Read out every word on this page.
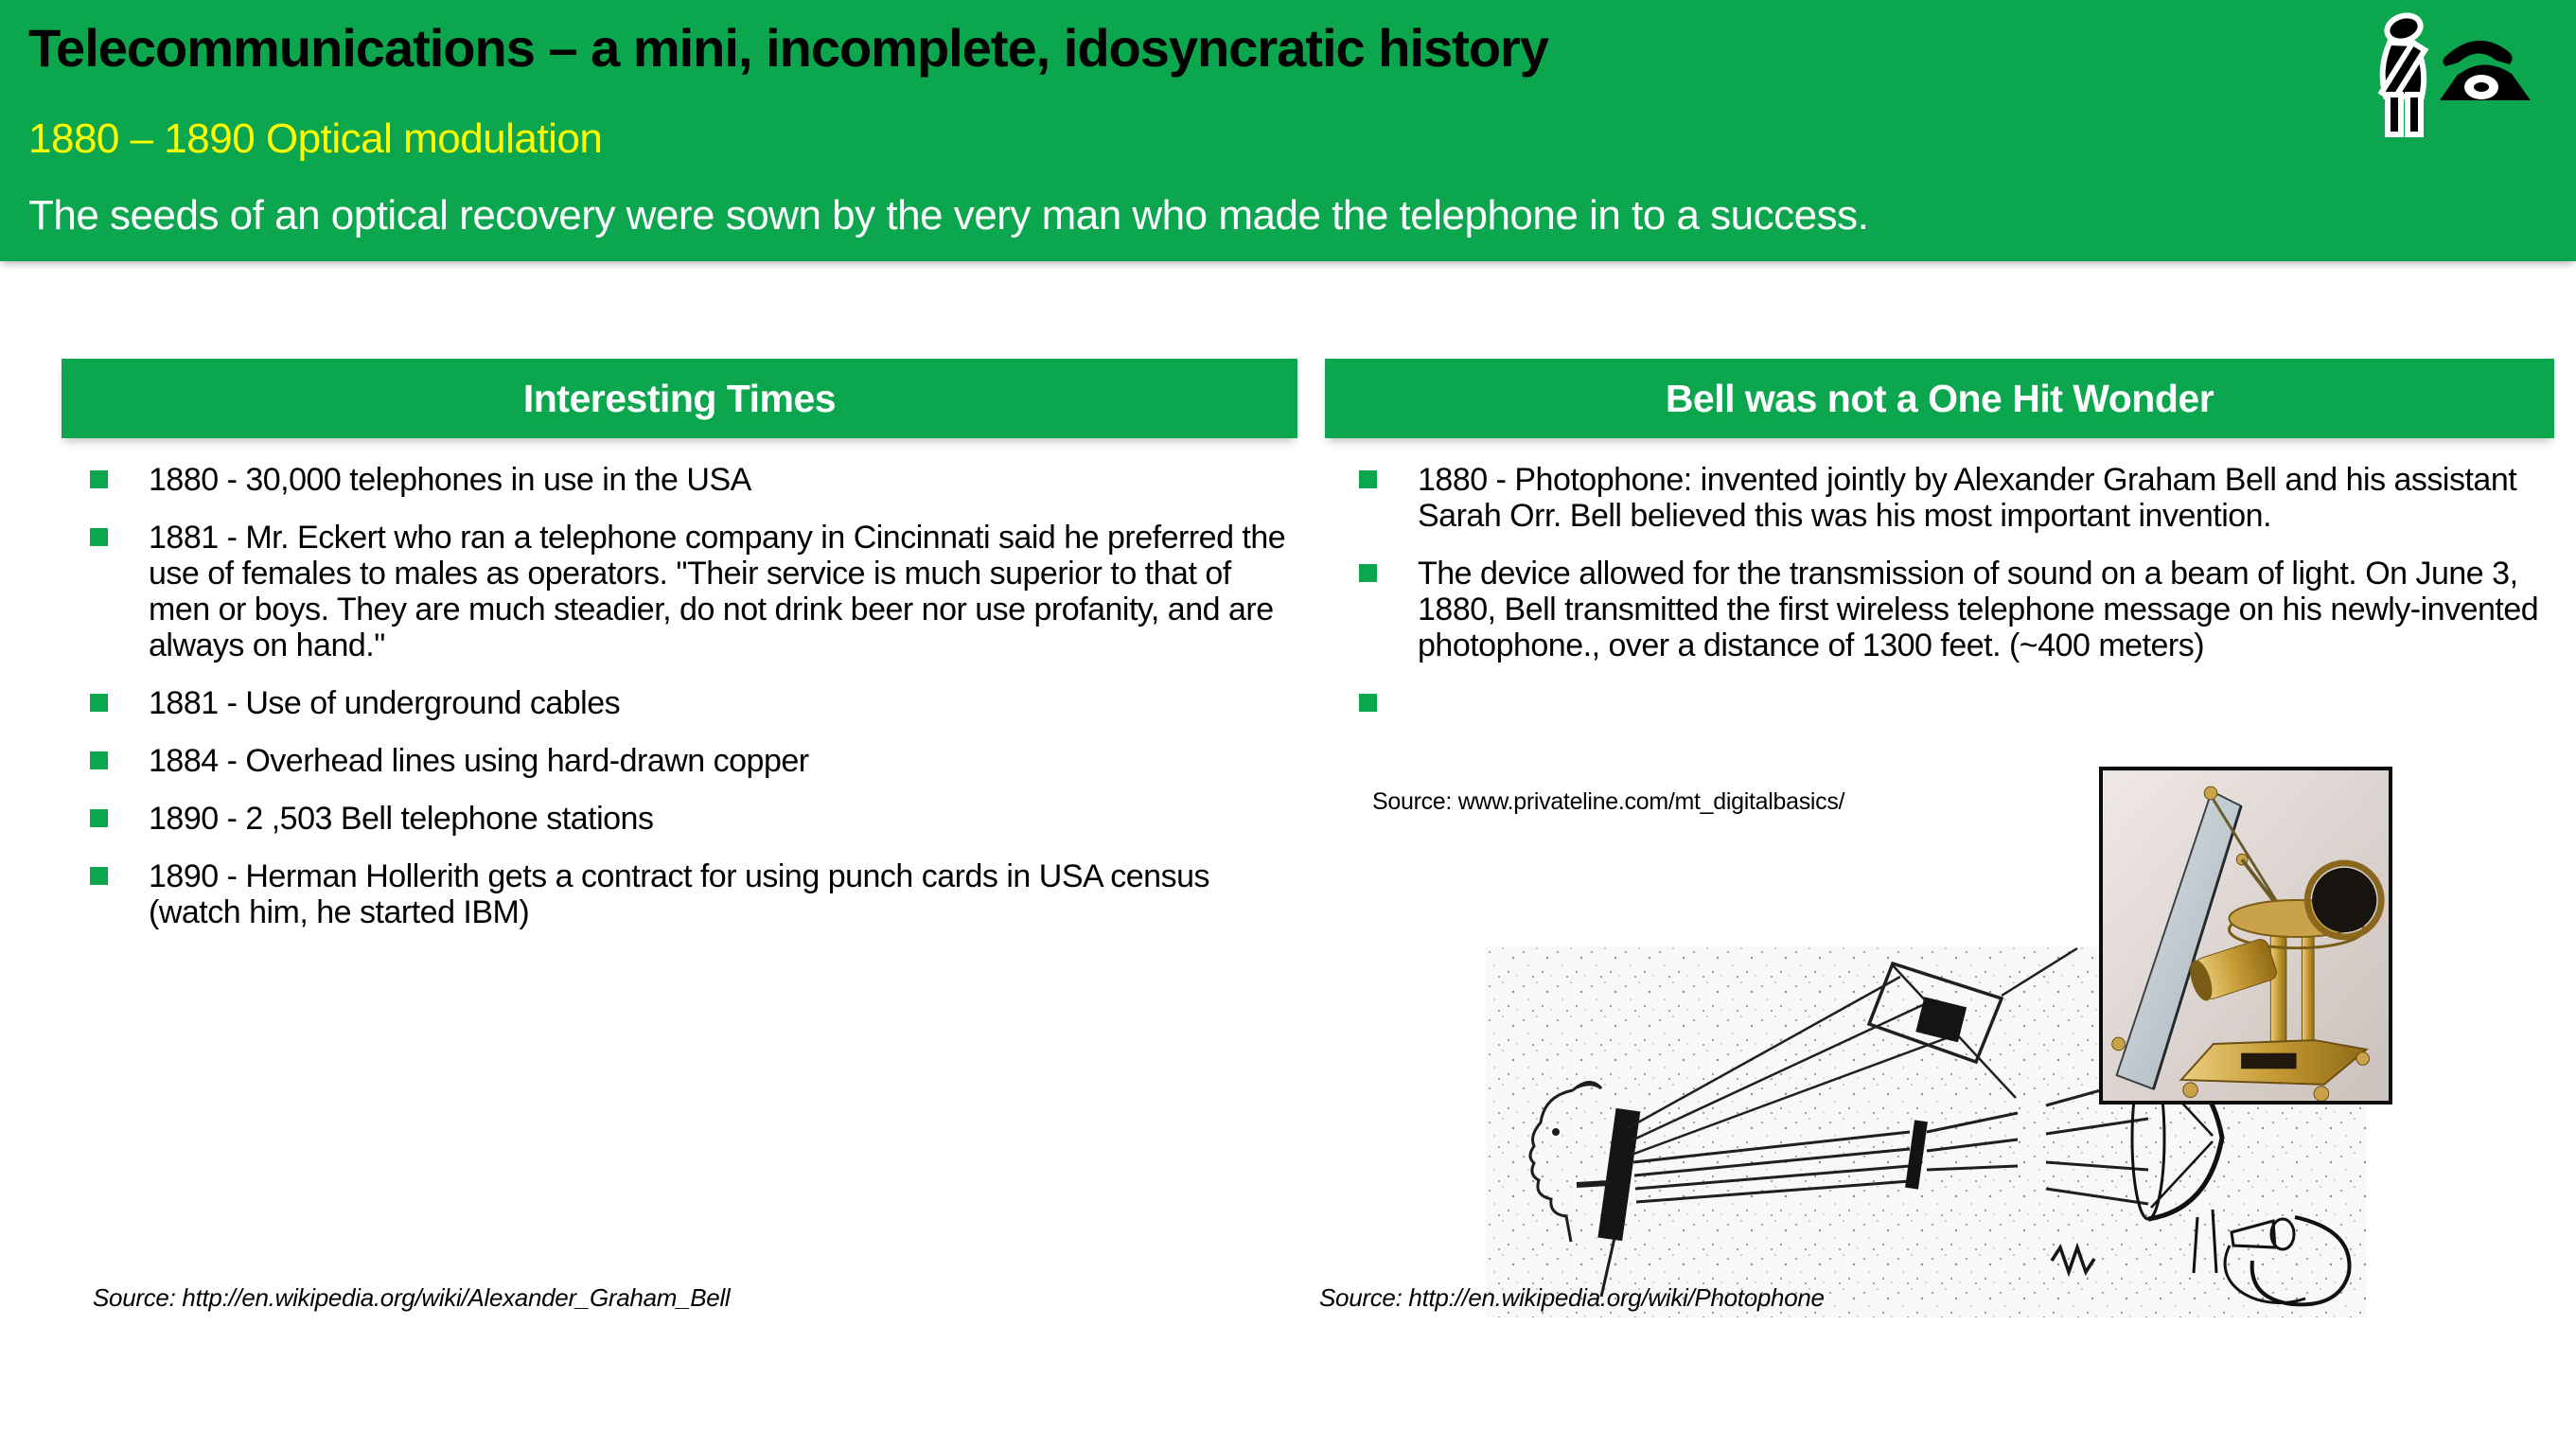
Telecommunications – a mini, incomplete, idosyncratic history
1880 – 1890 Optical modulation
The seeds of an optical recovery were sown by the very man who made the telephone in to a success.
Interesting Times
1880 - 30,000 telephones in use in the USA
1881 - Mr. Eckert who ran a telephone company in Cincinnati said he preferred the use of females to males as operators. "Their service is much superior to that of men or boys. They are much steadier, do not drink beer nor use profanity, and are always on hand."
1881 - Use of underground cables
1884 - Overhead lines using hard-drawn copper
1890 - 2 ,503 Bell telephone stations
1890 - Herman Hollerith gets a contract for using punch cards in USA census (watch him, he started IBM)
Source: http://en.wikipedia.org/wiki/Alexander_Graham_Bell
Bell was not a One Hit Wonder
1880 - Photophone: invented jointly by Alexander Graham Bell and his assistant Sarah Orr. Bell believed this was his most important invention.
The device allowed for the transmission of sound on a beam of light. On June 3, 1880, Bell transmitted the first wireless telephone message on his newly-invented photophone., over a distance of 1300 feet. (~400 meters)
Source: www.privateline.com/mt_digitalbasics/
Source: http://en.wikipedia.org/wiki/Photophone
